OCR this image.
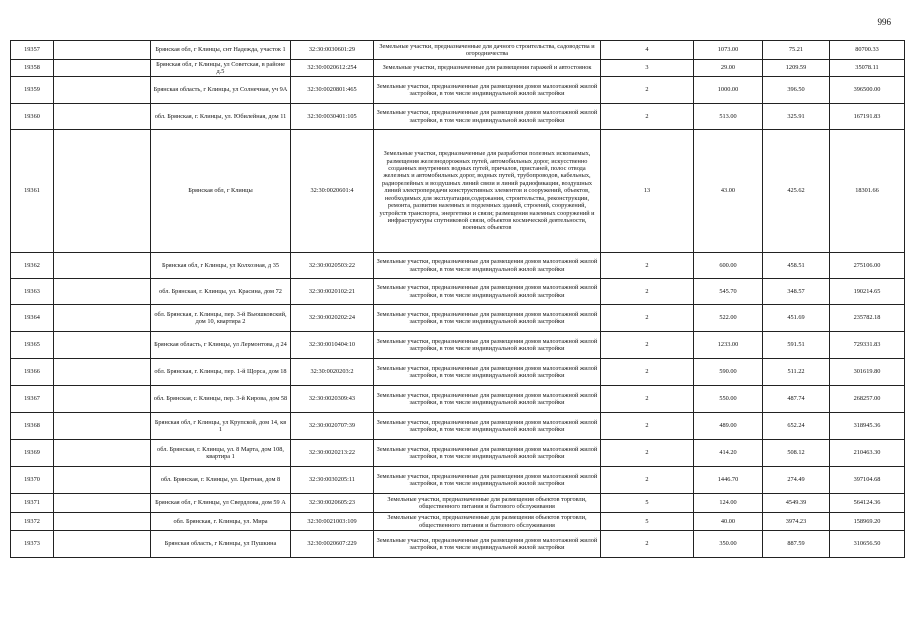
996
19357		Брянская обл, г Клинцы, снт Надежда, участок 1	32:30:0030601:29	Земельные участки, предназначенные для дачного строительства, садоводства и огородничества	4	1073.00	75.21	80700.33
19358		Брянская обл, г Клинцы, ул Советская, в районе д.5	32:30:0020612:254	Земельные участки, предназначенные для размещения гаражей и автостоянок	3	29.00	1209.59	35078.11
19359		Брянская область, г Клинцы, ул Солнечная, уч 9А	32:30:0020801:465	Земельные участки, предназначенные для размещения домов малоэтажной жилой застройки, в том числе индивидуальной жилой застройки	2	1000.00	396.50	396500.00
19360		обл. Брянская, г. Клинцы, ул. Юбилейная, дом 11	32:30:0030401:105	Земельные участки, предназначенные для размещения домов малоэтажной жилой застройки, в том числе индивидуальной жилой застройки	2	513.00	325.91	167191.83
19361		Брянская обл, г Клинцы	32:30:0020601:4	Земельные участки, предназначенные для разработки полезных ископаемых, размещения железнодорожных путей, автомобильных дорог, искусственно созданных внутренних водных путей, причалов, пристаней, полос отвода железных и автомобильных дорог, водных путей, трубопроводов, кабельных, радиорелейных и воздушных линий связи и линий радиофикации, воздушных линий электропередачи конструктивных элементов и сооружений, объектов, необходимых для эксплуатации,содержания, строительства, реконструкции, ремонта, развития наземных и подземных зданий, строений, сооружений, устройств транспорта, энергетики и связи; размещения наземных сооружений и инфраструктуры спутниковой связи, объектов космической деятельности, военных объектов	13	43.00	425.62	18301.66
19362		Брянская обл, г Клинцы, ул Колхозная, д 35	32:30:0020503:22	Земельные участки, предназначенные для размещения домов малоэтажной жилой застройки, в том числе индивидуальной жилой застройки	2	600.00	458.51	275106.00
19363		обл. Брянская, г. Клинцы, ул. Красина, дом 72	32:30:0020102:21	Земельные участки, предназначенные для размещения домов малоэтажной жилой застройки, в том числе индивидуальной жилой застройки	2	545.70	348.57	190214.65
19364		обл. Брянская, г. Клинцы, пер. 3-й Вьюшковский, дом 10, квартира 2	32:30:0020202:24	Земельные участки, предназначенные для размещения домов малоэтажной жилой застройки, в том числе индивидуальной жилой застройки	2	522.00	451.69	235782.18
19365		Брянская область, г Клинцы, ул Лермонтова, д 24	32:30:0010404:10	Земельные участки, предназначенные для размещения домов малоэтажной жилой застройки, в том числе индивидуальной жилой застройки	2	1233.00	591.51	729331.83
19366		обл. Брянская, г. Клинцы, пер. 1-й Щорса, дом 18	32:30:0020203:2	Земельные участки, предназначенные для размещения домов малоэтажной жилой застройки, в том числе индивидуальной жилой застройки	2	590.00	511.22	301619.80
19367		обл. Брянская, г. Клинцы, пер. 3-й Кирова, дом 58	32:30:0020309:43	Земельные участки, предназначенные для размещения домов малоэтажной жилой застройки, в том числе индивидуальной жилой застройки	2	550.00	487.74	268257.00
19368		Брянская обл, г Клинцы, ул Крупской, дом 14, кв 1	32:30:0020707:39	Земельные участки, предназначенные для размещения домов малоэтажной жилой застройки, в том числе индивидуальной жилой застройки	2	489.00	652.24	318945.36
19369		обл. Брянская, г. Клинцы, ул. 8 Марта, дом 108, квартира 1	32:30:0020213:22	Земельные участки, предназначенные для размещения домов малоэтажной жилой застройки, в том числе индивидуальной жилой застройки	2	414.20	508.12	210463.30
19370		обл. Брянская, г. Клинцы, ул. Цветная, дом 8	32:30:0030205:11	Земельные участки, предназначенные для размещения домов малоэтажной жилой застройки, в том числе индивидуальной жилой застройки	2	1446.70	274.49	397104.68
19371		Брянская обл, г Клинцы, ул Свердлова, дом 59 А	32:30:0020605:23	Земельные участки, предназначенные для размещения объектов торговли, общественного питания и бытового обслуживания	5	124.00	4549.39	564124.36
19372		обл. Брянская, г. Клинцы, ул. Мира	32:30:0021003:109	Земельные участки, предназначенные для размещения объектов торговли, общественного питания и бытового обслуживания	5	40.00	3974.23	158969.20
19373		Брянская область, г Клинцы, ул Пушкина	32:30:0020607:229	Земельные участки, предназначенные для размещения домов малоэтажной жилой застройки, в том числе индивидуальной жилой застройки	2	350.00	887.59	310656.50
